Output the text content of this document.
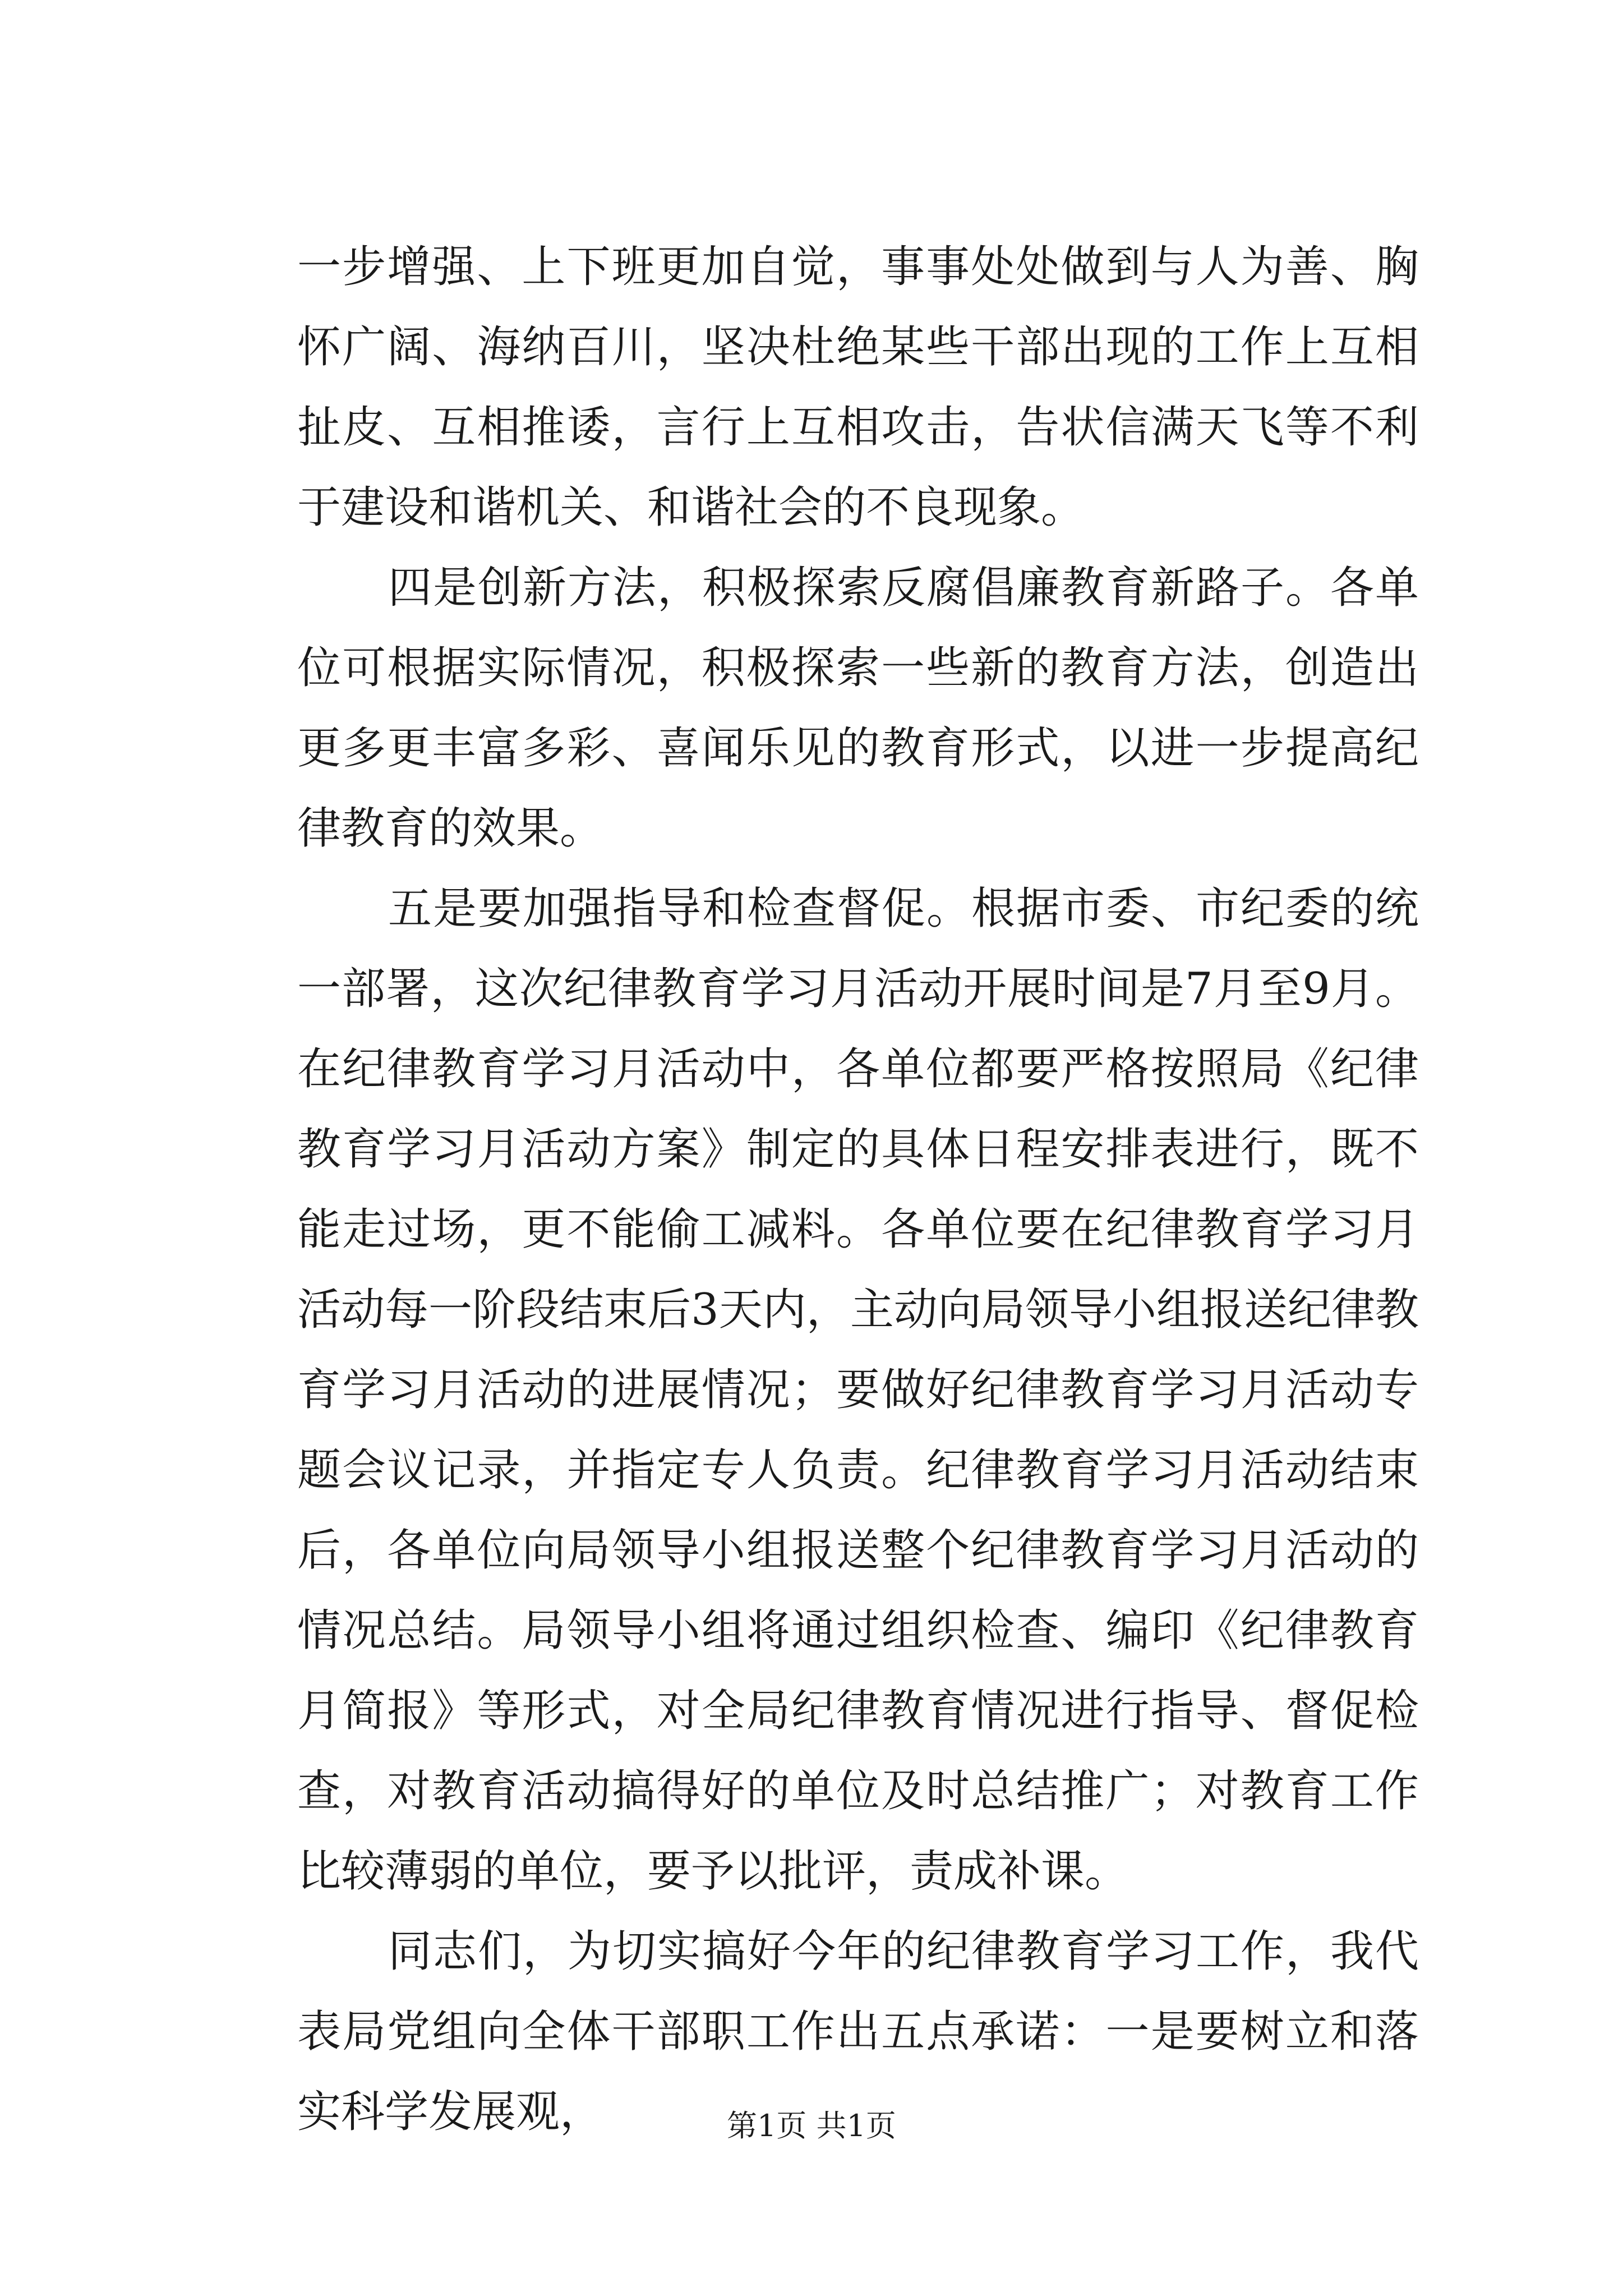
一步增强、上下班更加自觉，事事处处做到与人为善、胸怀广阔、海纳百川，坚决杜绝某些干部出现的工作上互相扯皮、互相推诿，言行上互相攻击，告状信满天飞等不利于建设和谐机关、和谐社会的不良现象。

四是创新方法，积极探索反腐倡廉教育新路子。各单位可根据实际情况，积极探索一些新的教育方法，创造出更多更丰富多彩、喜闻乐见的教育形式，以进一步提高纪律教育的效果。

五是要加强指导和检查督促。根据市委、市纪委的统一部署，这次纪律教育学习月活动开展时间是7月至9月。在纪律教育学习月活动中，各单位都要严格按照局《纪律教育学习月活动方案》制定的具体日程安排表进行，既不能走过场，更不能偷工减料。各单位要在纪律教育学习月活动每一阶段结束后3天内，主动向局领导小组报送纪律教育学习月活动的进展情况；要做好纪律教育学习月活动专题会议记录，并指定专人负责。纪律教育学习月活动结束后，各单位向局领导小组报送整个纪律教育学习月活动的情况总结。局领导小组将通过组织检查、编印《纪律教育月简报》等形式，对全局纪律教育情况进行指导、督促检查，对教育活动搞得好的单位及时总结推广；对教育工作比较薄弱的单位，要予以批评，责成补课。

同志们，为切实搞好今年的纪律教育学习工作，我代表局党组向全体干部职工作出五点承诺：一是要树立和落实科学发展观，	第1页 共1页
